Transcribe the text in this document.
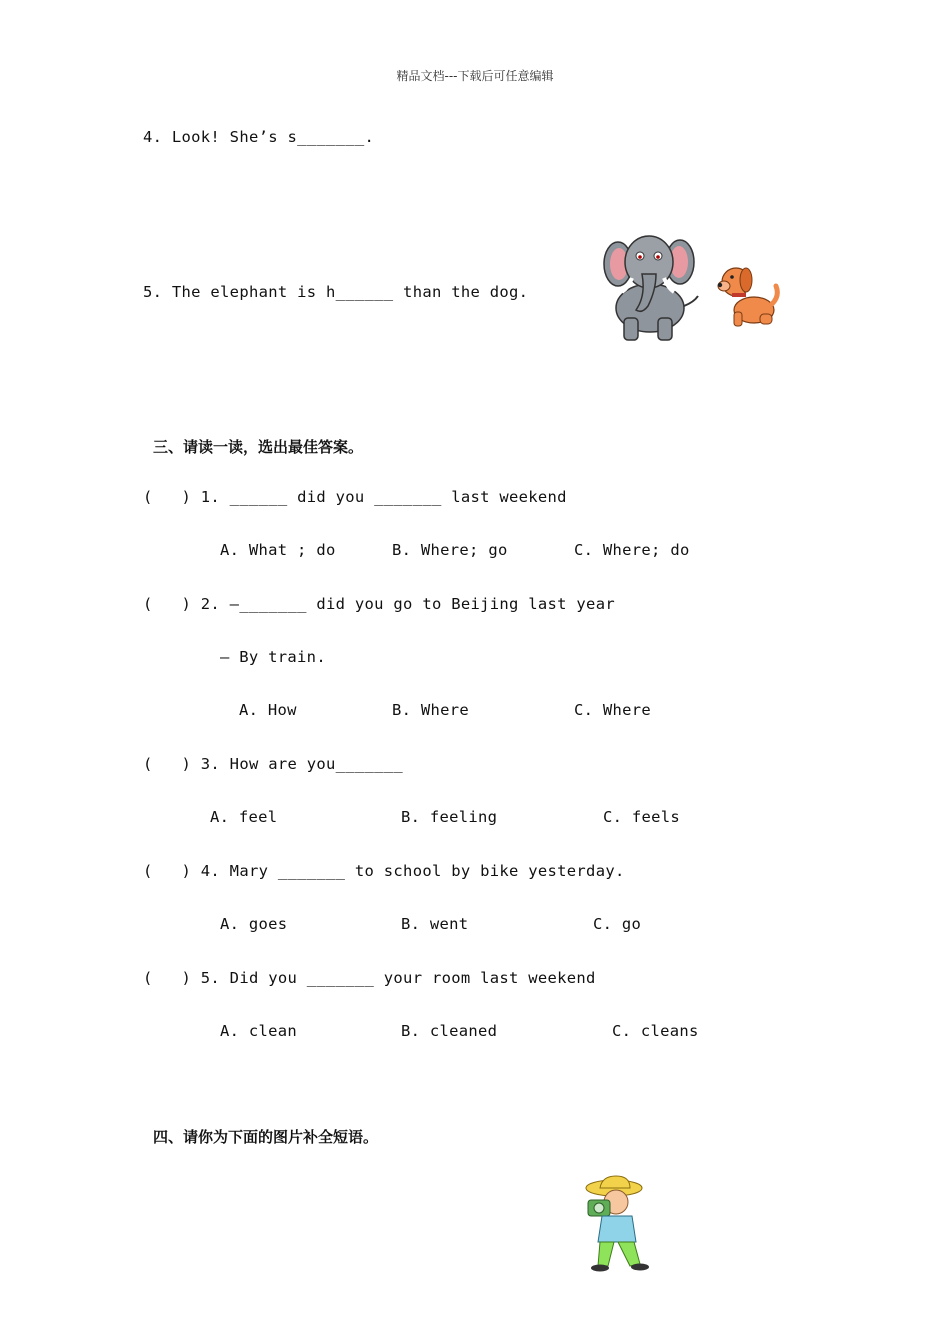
精品文档---下载后可任意编辑
4. Look! She’s s_______.
5. The elephant is h______ than the dog.
三、请读一读，选出最佳答案。
(   ) 1. ______ did you _______ last weekend
A. What ; do	B. Where; go	C. Where; do
(   ) 2. —_______ did you go to Beijing last year
— By train.
A. How	B. Where	C. Where
(   ) 3. How are you_______
A. feel	B. feeling	C. feels
(   ) 4. Mary _______ to school by bike yesterday.
A. goes	B. went	C. go
(   ) 5. Did you _______ your room last weekend
A. clean	B. cleaned	C. cleans
四、请你为下面的图片补全短语。
